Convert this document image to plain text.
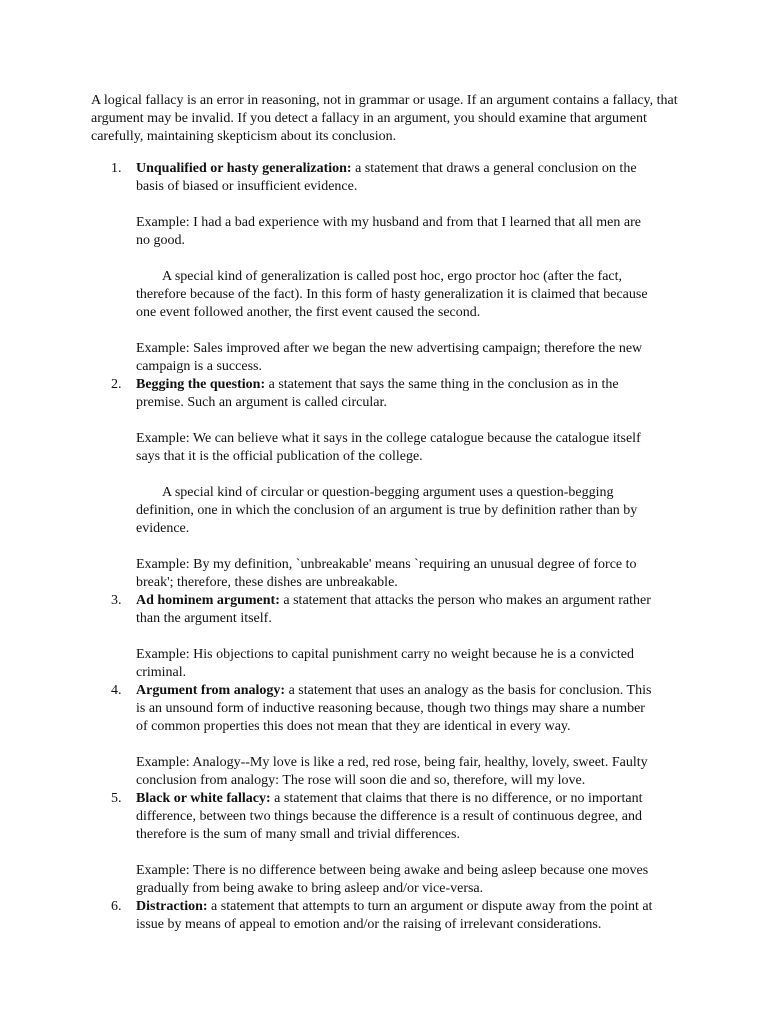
A logical fallacy is an error in reasoning, not in grammar or usage. If an argument contains a fallacy, that argument may be invalid. If you detect a fallacy in an argument, you should examine that argument carefully, maintaining skepticism about its conclusion.

1.	Unqualified or hasty generalization: a statement that draws a general conclusion on the basis of biased or insufficient evidence.

Example: I had a bad experience with my husband and from that I learned that all men are no good.

A special kind of generalization is called post hoc, ergo proctor hoc (after the fact, therefore because of the fact). In this form of hasty generalization it is claimed that because one event followed another, the first event caused the second.

Example: Sales improved after we began the new advertising campaign; therefore the new campaign is a success.

2.	Begging the question: a statement that says the same thing in the conclusion as in the premise. Such an argument is called circular.

Example: We can believe what it says in the college catalogue because the catalogue itself says that it is the official publication of the college.

A special kind of circular or question-begging argument uses a question-begging definition, one in which the conclusion of an argument is true by definition rather than by evidence.

Example: By my definition, `unbreakable' means `requiring an unusual degree of force to break'; therefore, these dishes are unbreakable.

3.	Ad hominem argument: a statement that attacks the person who makes an argument rather than the argument itself.

Example: His objections to capital punishment carry no weight because he is a convicted criminal.

4.	Argument from analogy: a statement that uses an analogy as the basis for conclusion. This is an unsound form of inductive reasoning because, though two things may share a number of common properties this does not mean that they are identical in every way.

Example: Analogy--My love is like a red, red rose, being fair, healthy, lovely, sweet. Faulty conclusion from analogy: The rose will soon die and so, therefore, will my love.

5.	Black or white fallacy: a statement that claims that there is no difference, or no important difference, between two things because the difference is a result of continuous degree, and therefore is the sum of many small and trivial differences.

Example: There is no difference between being awake and being asleep because one moves gradually from being awake to bring asleep and/or vice-versa.

6.	Distraction: a statement that attempts to turn an argument or dispute away from the point at issue by means of appeal to emotion and/or the raising of irrelevant considerations.
